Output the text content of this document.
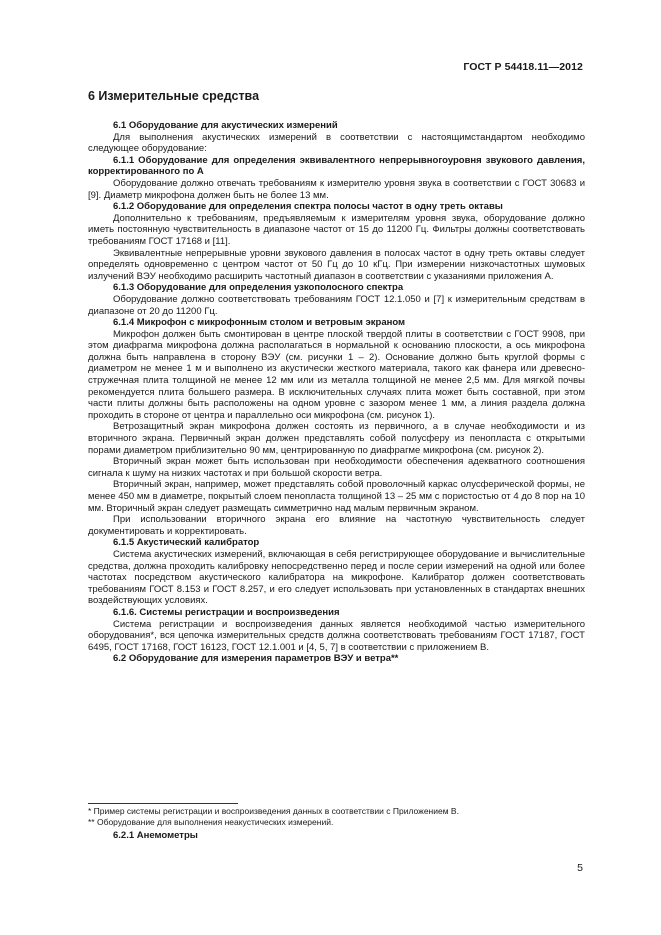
ГОСТ Р 54418.11—2012
6 Измерительные средства
6.1 Оборудование для акустических измерений
Для выполнения акустических измерений в соответствии с настоящимстандартом необходимо следующее оборудование:
6.1.1 Оборудование для определения эквивалентного непрерывногоуровня звукового давления, корректированного по А
Оборудование должно отвечать требованиям к измерителю уровня звука в соответствии с ГОСТ 30683 и [9]. Диаметр микрофона должен быть не более 13 мм.
6.1.2 Оборудование для определения спектра полосы частот в одну треть октавы
Дополнительно к требованиям, предъявляемым к измерителям уровня звука, оборудование должно иметь постоянную чувствительность в диапазоне частот от 15 до 11200 Гц. Фильтры должны соответствовать требованиям ГОСТ 17168 и [11].
Эквивалентные непрерывные уровни звукового давления в полосах частот в одну треть октавы следует определять одновременно с центром частот от 50 Гц до 10 кГц. При измерении низкочастотных шумовых излучений ВЭУ необходимо расширить частотный диапазон в соответствии с указаниями приложения А.
6.1.3 Оборудование для определения узкополосного спектра
Оборудование должно соответствовать требованиям ГОСТ 12.1.050 и [7] к измерительным средствам в диапазоне от 20 до 11200 Гц.
6.1.4 Микрофон с микрофонным столом и ветровым экраном
Микрофон должен быть смонтирован в центре плоской твердой плиты в соответствии с ГОСТ 9908, при этом диафрагма микрофона должна располагаться в нормальной к основанию плоскости, а ось микрофона должна быть направлена в сторону ВЭУ (см. рисунки 1 – 2). Основание должно быть круглой формы с диаметром не менее 1 м и выполнено из акустически жесткого материала, такого как фанера или древесно-стружечная плита толщиной не менее 12 мм или из металла толщиной не менее 2,5 мм. Для мягкой почвы рекомендуется плита большего размера. В исключительных случаях плита может быть составной, при этом части плиты должны быть расположены на одном уровне с зазором менее 1 мм, а линия раздела должна проходить в стороне от центра и параллельно оси микрофона (см. рисунок 1).
Ветрозащитный экран микрофона должен состоять из первичного, а в случае необходимости и из вторичного экрана. Первичный экран должен представлять собой полусферу из пенопласта с открытыми порами диаметром приблизительно 90 мм, центрированную по диафрагме микрофона (см. рисунок 2).
Вторичный экран может быть использован при необходимости обеспечения адекватного соотношения сигнала к шуму на низких частотах и при большой скорости ветра.
Вторичный экран, например, может представлять собой проволочный каркас олусферической формы, не менее 450 мм в диаметре, покрытый слоем пенопласта толщиной 13 – 25 мм с пористостью от 4 до 8 пор на 10 мм. Вторичный экран следует размещать симметрично над малым первичным экраном.
При использовании вторичного экрана его влияние на частотную чувствительность следует документировать и корректировать.
6.1.5 Акустический калибратор
Система акустических измерений, включающая в себя регистрирующее оборудование и вычислительные средства, должна проходить калибровку непосредственно перед и после серии измерений на одной или более частотах посредством акустического калибратора на микрофоне. Калибратор должен соответствовать требованиям ГОСТ 8.153 и ГОСТ 8.257, и его следует использовать при установленных в стандартах внешних воздействующих условиях.
6.1.6. Системы регистрации и воспроизведения
Система регистрации и воспроизведения данных является необходимой частью измерительного оборудования*, вся цепочка измерительных средств должна соответствовать требованиям ГОСТ 17187, ГОСТ 6495, ГОСТ 17168, ГОСТ 16123, ГОСТ 12.1.001 и [4, 5, 7] в соответствии с приложением В.
6.2 Оборудование для измерения параметров ВЭУ и ветра**
* Пример системы регистрации и воспроизведения данных в соответствии с Приложением В.
** Оборудование для выполнения неакустических измерений.
6.2.1 Анемометры
5
